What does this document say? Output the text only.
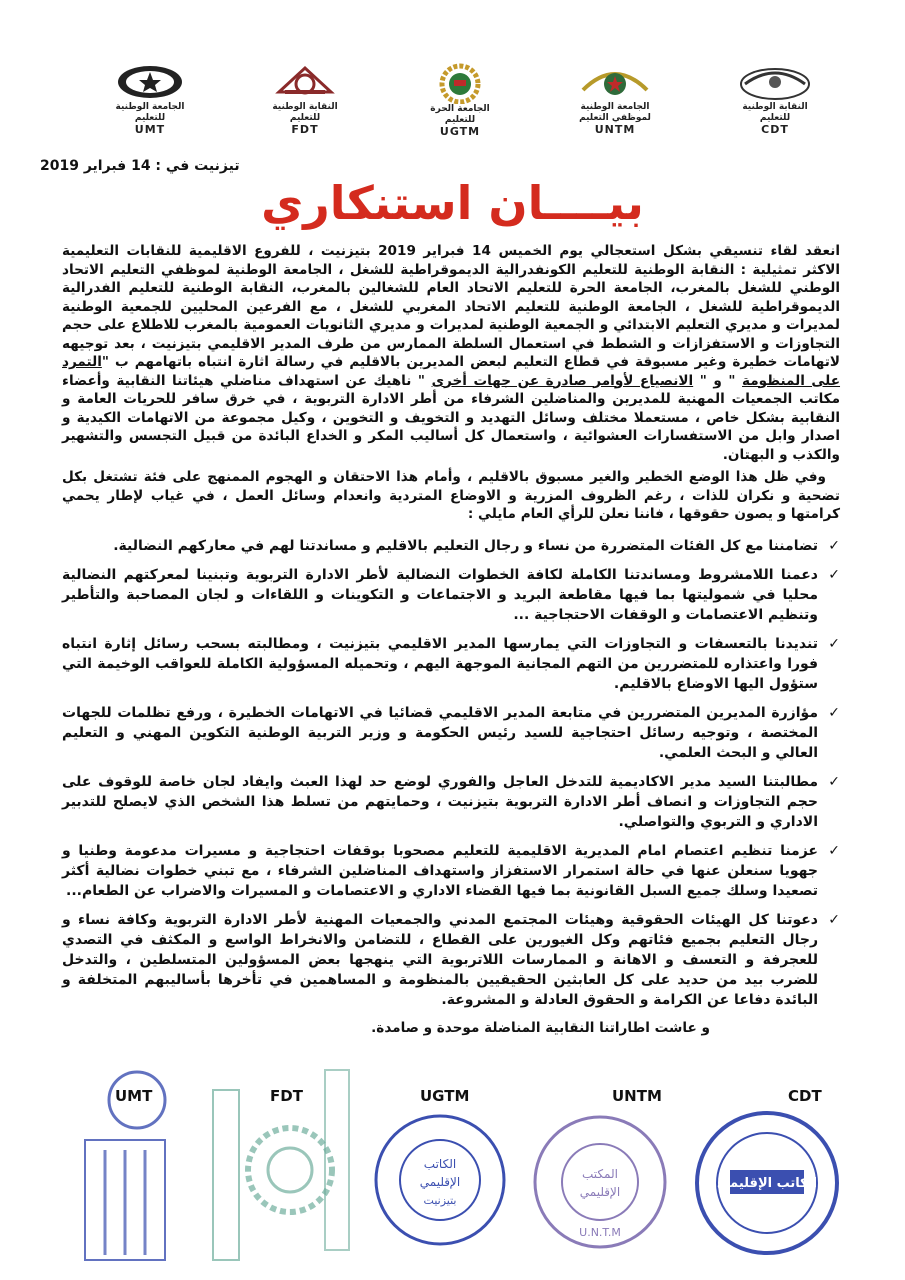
النقابة الوطنية
للتعليم
CDT
الجامعة الوطنية
لموظفي التعليم
UNTM
الجامعة الحرة
للتعليم
UGTM
النقابة الوطنية
للتعليم
FDT
الجامعة الوطنية
للتعليم
UMT
تيزنيت في : 14 فبراير 2019
بيــــان استنكاري

انعقد لقاء تنسيقي بشكل استعجالي يوم الخميس 14 فبراير 2019 بتيزنيت ، للفروع الاقليمية للنقابات التعليمية الاكثر تمثيلية : النقابة الوطنية للتعليم الكونفدرالية الديموقراطية للشغل ، الجامعة الوطنية لموظفي التعليم الاتحاد الوطني للشغل بالمغرب، الجامعة الحرة للتعليم الاتحاد العام للشغالين بالمغرب، النقابة الوطنية للتعليم الفدرالية الديموقراطية للشغل ، الجامعة الوطنية للتعليم الاتحاد المغربي للشغل ، مع الفرعين المحليين للجمعية الوطنية لمديرات و مديري التعليم الابتدائي و الجمعية الوطنية لمديرات و مديري الثانويات العمومية بالمغرب للاطلاع على حجم التجاوزات و الاستفزازات و الشطط في استعمال السلطة الممارس من طرف المدير الاقليمي بتيزنيت ، بعد توجيهه لاتهامات خطيرة وغير مسبوقة في قطاع التعليم لبعض المديرين بالاقليم في رسالة اثارة انتباه باتهامهم ب "التمرد على المنظومة " و " الانصياع لأوامر صادرة عن جهات أخرى " ناهيك عن استهداف مناضلي هيئاتنا النقابية وأعضاء مكاتب الجمعيات المهنية للمديرين والمناضلين الشرفاء من أطر الادارة التربوية ، في خرق سافر للحريات العامة و النقابية بشكل خاص ، مستعملا مختلف وسائل التهديد و التخويف و التخوين ، وكيل مجموعة من الاتهامات الكيدية و اصدار وابل من الاستفسارات العشوائية ، واستعمال كل أساليب المكر و الخداع البائدة من قبيل التجسس والتشهير والكذب و البهتان.

وفي ظل هذا الوضع الخطير والغير مسبوق بالاقليم ، وأمام هذا الاحتقان و الهجوم الممنهج على فئة تشتغل بكل تضحية و نكران للذات ، رغم الظروف المزرية و الاوضاع المتردية وانعدام وسائل العمل ، في غياب لإطار يحمي كرامتها و يصون حقوقها ، فاننا نعلن للرأي العام مايلي :

✓
تضامننا مع كل الفئات المتضررة من نساء و رجال التعليم بالاقليم و مساندتنا لهم في معاركهم النضالية.
✓
دعمنا اللامشروط ومساندتنا الكاملة لكافة الخطوات النضالية لأطر الادارة التربوية وتبنينا لمعركتهم النضالية محليا في شموليتها بما فيها مقاطعة البريد و الاجتماعات و التكوينات و اللقاءات و لجان المصاحبة والتأطير وتنظيم الاعتصامات و الوقفات الاحتجاجية ...
✓
تنديدنا بالتعسفات و التجاوزات التي يمارسها المدير الاقليمي بتيزنيت ، ومطالبته بسحب رسائل إثارة انتباه فورا واعتذاره للمتضررين من التهم المجانية الموجهة اليهم ، وتحميله المسؤولية الكاملة للعواقب الوخيمة التي ستؤول اليها الاوضاع بالاقليم.
✓
مؤازرة المديرين المتضررين في متابعة المدير الاقليمي قضائيا في الاتهامات الخطيرة ، ورفع تظلمات للجهات المختصة ، وتوجيه رسائل احتجاجية للسيد رئيس الحكومة و وزير التربية الوطنية التكوين المهني و التعليم العالي و البحث العلمي.
✓
مطالبتنا السيد مدير الاكاديمية للتدخل العاجل والفوري لوضع حد لهذا العبث وايفاد لجان خاصة للوقوف على حجم التجاوزات و انصاف أطر الادارة التربوية بتيزنيت ، وحمايتهم من تسلط هذا الشخص الذي لايصلح للتدبير الاداري و التربوي والتواصلي.
✓
عزمنا تنظيم اعتصام امام المديرية الاقليمية للتعليم مصحوبا بوقفات احتجاجية و مسيرات مدعومة وطنيا و جهويا سنعلن عنها في حالة استمرار الاستفزاز واستهداف المناضلين الشرفاء ، مع تبني خطوات نضالية أكثر تصعيدا وسلك جميع السبل القانونية بما فيها القضاء الاداري و الاعتصامات و المسيرات والاضراب عن الطعام...
✓
دعوتنا كل الهيئات الحقوقية وهيئات المجتمع المدني والجمعيات المهنية لأطر الادارة التربوية وكافة نساء و رجال التعليم بجميع فئاتهم وكل الغيورين على القطاع ، للتضامن والانخراط الواسع و المكثف في التصدي للعجرفة و التعسف و الاهانة و الممارسات اللاتربوية التي ينهجها بعض المسؤولين المتسلطين ، والتدخل للضرب بيد من حديد على كل العابثين الحقيقيين بالمنظومة و المساهمين في تأخرها بأساليبهم المتخلفة و البائدة دفاعا عن الكرامة و الحقوق العادلة و المشروعة.
و عاشت اطاراتنا النقابية المناضلة موحدة و صامدة.
CDT
UNTM
UGTM
FDT
UMT
الكاتب الإقليمي
المكتب
الإقليمي
U.N.T.M
الكاتب
الإقليمي
بتيزنيت
